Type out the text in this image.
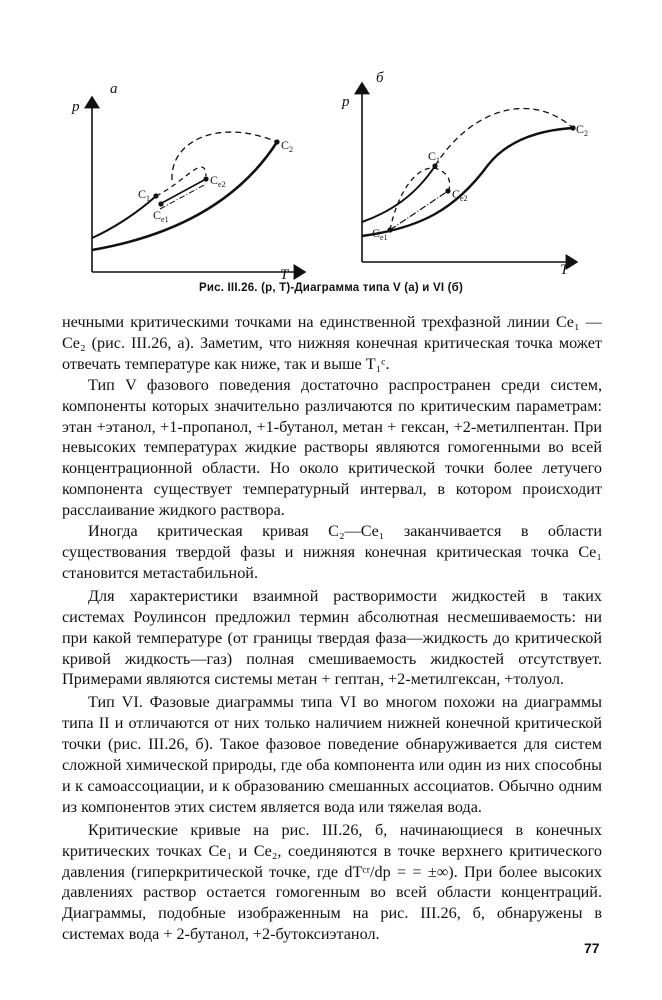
p
а
T
$C_1$
$C_{e1}$
$C_{e2}$
$C_2$
p
б
T
$C_1$
$C_{e1}$
$C_{e2}$
$C_2$
Рис. III.26. (p, T)-Диаграмма типа V (а) и VI (б)

нечными критическими точками на единственной трехфазной линии Ce₁ — Ce₂ (рис. III.26, а). Заметим, что нижняя конечная критическая точка может отвечать температуре как ниже, так и выше T₁ᶜ.

Тип V фазового поведения достаточно распространен среди систем, компоненты которых значительно различаются по критическим параметрам: этан +этанол, +1-пропанол, +1-бутанол, метан + гексан, +2-метилпентан. При невысоких температурах жидкие растворы являются гомогенными во всей концентрационной области. Но около критической точки более летучего компонента существует температурный интервал, в котором происходит расслаивание жидкого раствора.

Иногда критическая кривая C₂—Ce₁ заканчивается в области существования твердой фазы и нижняя конечная критическая точка Ce₁ становится метастабильной.

Для характеристики взаимной растворимости жидкостей в таких системах Роулинсон предложил термин абсолютная несмешиваемость: ни при какой температуре (от границы твердая фаза—жидкость до критической кривой жидкость—газ) полная смешиваемость жидкостей отсутствует. Примерами являются системы метан + гептан, +2-метилгексан, +толуол.

Тип VI. Фазовые диаграммы типа VI во многом похожи на диаграммы типа II и отличаются от них только наличием нижней конечной критической точки (рис. III.26, б). Такое фазовое поведение обнаруживается для систем сложной химической природы, где оба компонента или один из них способны и к самоассоциации, и к образованию смешанных ассоциатов. Обычно одним из компонентов этих систем является вода или тяжелая вода.

Критические кривые на рис. III.26, б, начинающиеся в конечных критических точках Ce₁ и Ce₂, соединяются в точке верхнего критического давления (гиперкритической точке, где dTᶜʳ/dp = = ±∞). При более высоких давлениях раствор остается гомогенным во всей области концентраций. Диаграммы, подобные изображенным на рис. III.26, б, обнаружены в системах вода + 2-бутанол, +2-бутоксиэтанол.

77
